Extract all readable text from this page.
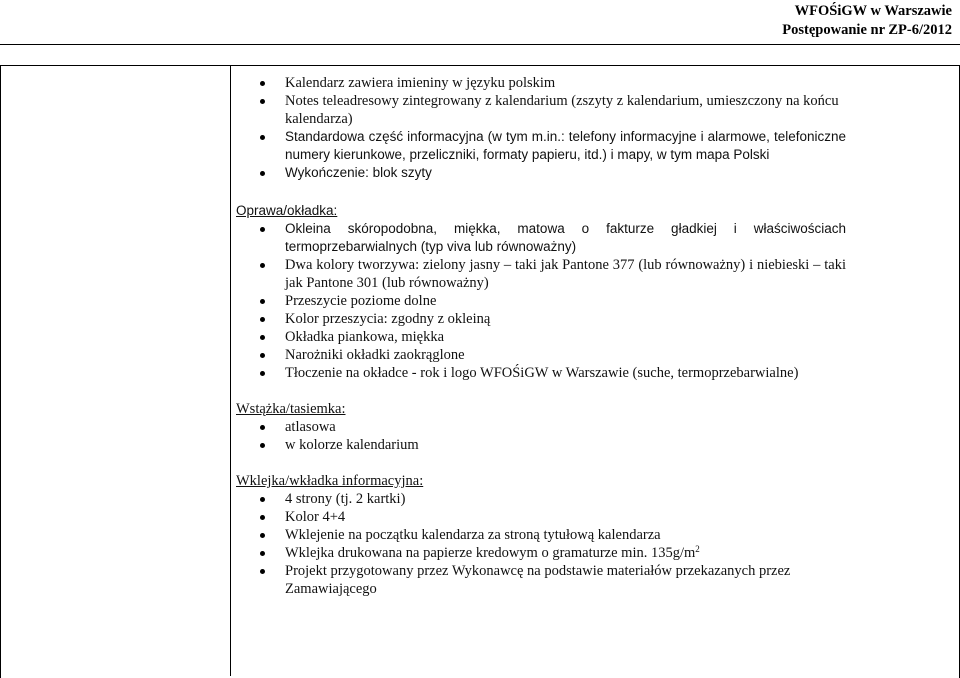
WFOŚiGW w Warszawie
Postępowanie nr ZP-6/2012
Kalendarz zawiera imieniny w języku polskim
Notes teleadresowy zintegrowany z kalendarium (zszyty z kalendarium, umieszczony na końcu kalendarza)
Standardowa część informacyjna (w tym m.in.: telefony informacyjne i alarmowe, telefoniczne numery kierunkowe, przeliczniki, formaty papieru, itd.) i mapy, w tym mapa Polski
Wykończenie: blok szyty
Oprawa/okładka:
Okleina skóropodobna, miękka, matowa o fakturze gładkiej i właściwościach termoprzebarwialnych (typ viva lub równoważny)
Dwa kolory tworzywa: zielony jasny – taki jak Pantone 377 (lub równoważny) i niebieski – taki jak Pantone 301 (lub równoważny)
Przeszycie poziome dolne
Kolor przeszycia: zgodny z okleiną
Okładka piankowa, miękka
Narożniki okładki zaokrąglone
Tłoczenie na okładce - rok i logo WFOŚiGW w Warszawie (suche, termoprzebarwialne)
Wstążka/tasiemka:
atlasowa
w kolorze kalendarium
Wklejka/wkładka informacyjna:
4 strony (tj. 2 kartki)
Kolor 4+4
Wklejenie na początku kalendarza za stroną tytułową kalendarza
Wklejka drukowana na papierze kredowym o gramaturze min. $135g/m^2$
Projekt przygotowany przez Wykonawcę na podstawie materiałów przekazanych przez Zamawiającego
